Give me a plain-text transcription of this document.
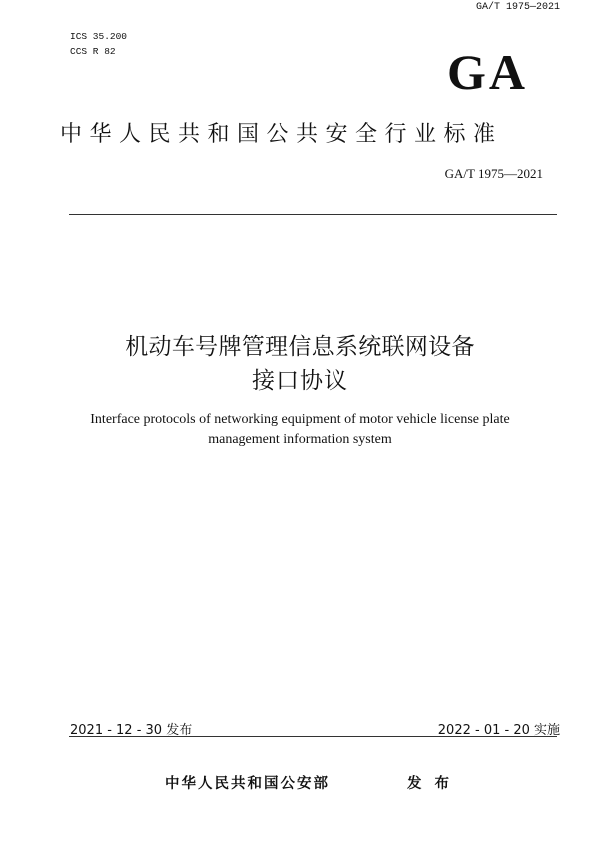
GA/T 1975—2021
ICS 35.200
CCS R 82	GA
中华人民共和国公共安全行业标准
GA/T 1975—2021
机动车号牌管理信息系统联网设备
接口协议
Interface protocols of networking equipment of motor vehicle license plate
management information system
2021 - 12 - 30 发布	2022 - 01 - 20 实施
中华人民共和国公安部	发 布
